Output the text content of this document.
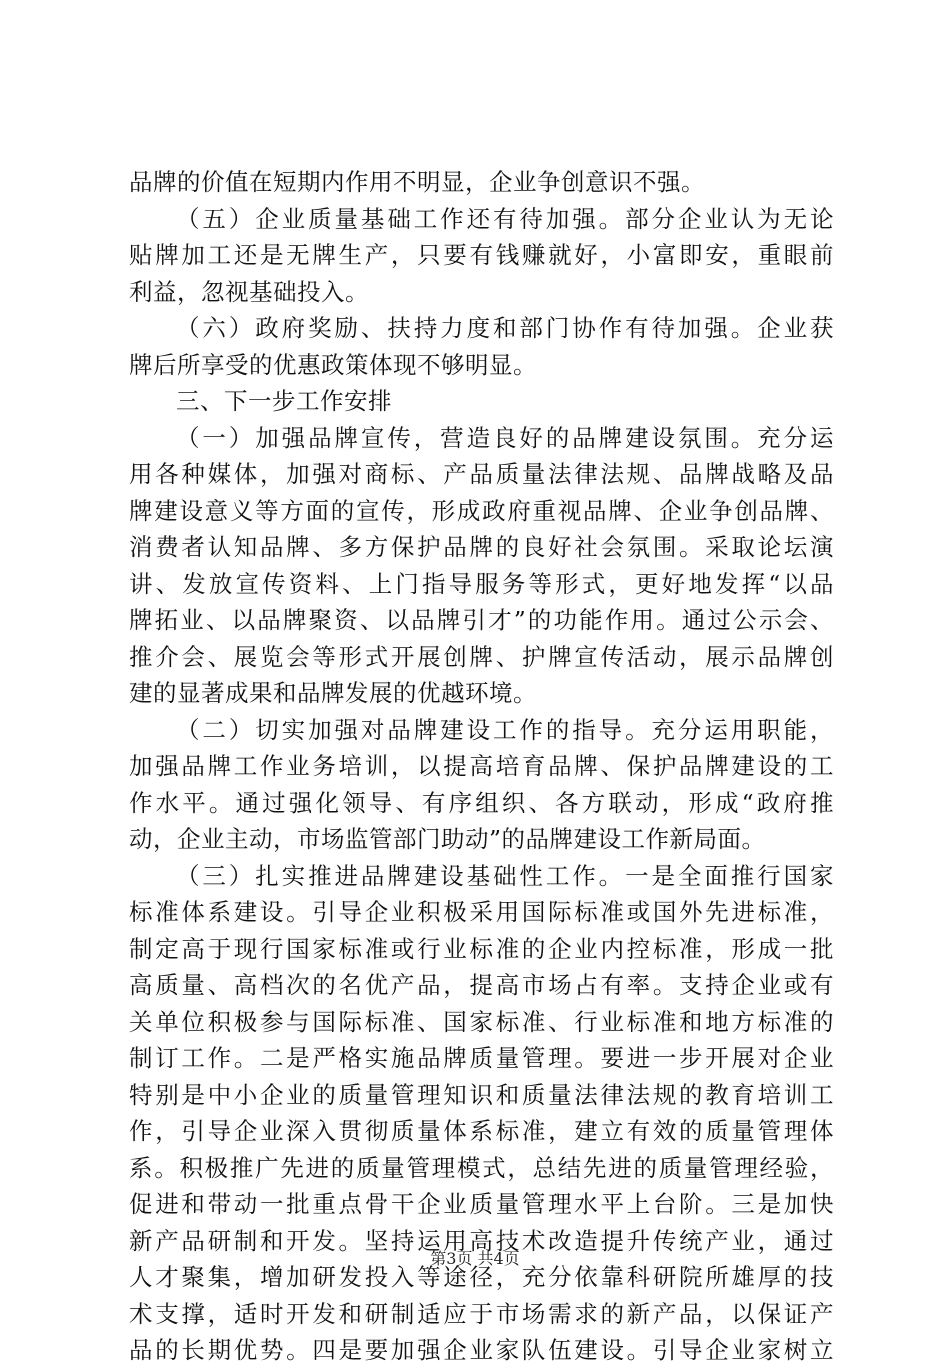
品牌的价值在短期内作用不明显，企业争创意识不强。
（五）企业质量基础工作还有待加强。部分企业认为无论
贴牌加工还是无牌生产，只要有钱赚就好，小富即安，重眼前
利益，忽视基础投入。
（六）政府奖励、扶持力度和部门协作有待加强。企业获
牌后所享受的优惠政策体现不够明显。
三、下一步工作安排
（一）加强品牌宣传，营造良好的品牌建设氛围。充分运
用各种媒体，加强对商标、产品质量法律法规、品牌战略及品
牌建设意义等方面的宣传，形成政府重视品牌、企业争创品牌、
消费者认知品牌、多方保护品牌的良好社会氛围。采取论坛演
讲、发放宣传资料、上门指导服务等形式，更好地发挥“以品
牌拓业、以品牌聚资、以品牌引才”的功能作用。通过公示会、
推介会、展览会等形式开展创牌、护牌宣传活动，展示品牌创
建的显著成果和品牌发展的优越环境。
（二）切实加强对品牌建设工作的指导。充分运用职能，
加强品牌工作业务培训，以提高培育品牌、保护品牌建设的工
作水平。通过强化领导、有序组织、各方联动，形成“政府推
动，企业主动，市场监管部门助动”的品牌建设工作新局面。
（三）扎实推进品牌建设基础性工作。一是全面推行国家
标准体系建设。引导企业积极采用国际标准或国外先进标准，
制定高于现行国家标准或行业标准的企业内控标准，形成一批
高质量、高档次的名优产品，提高市场占有率。支持企业或有
关单位积极参与国际标准、国家标准、行业标准和地方标准的
制订工作。二是严格实施品牌质量管理。要进一步开展对企业
特别是中小企业的质量管理知识和质量法律法规的教育培训工
作，引导企业深入贯彻质量体系标准，建立有效的质量管理体
系。积极推广先进的质量管理模式，总结先进的质量管理经验，
促进和带动一批重点骨干企业质量管理水平上台阶。三是加快
新产品研制和开发。坚持运用高技术改造提升传统产业，通过
人才聚集，增加研发投入等途径，充分依靠科研院所雄厚的技
术支撑，适时开发和研制适应于市场需求的新产品，以保证产
品的长期优势。四是要加强企业家队伍建设。引导企业家树立
第3页 共4页
